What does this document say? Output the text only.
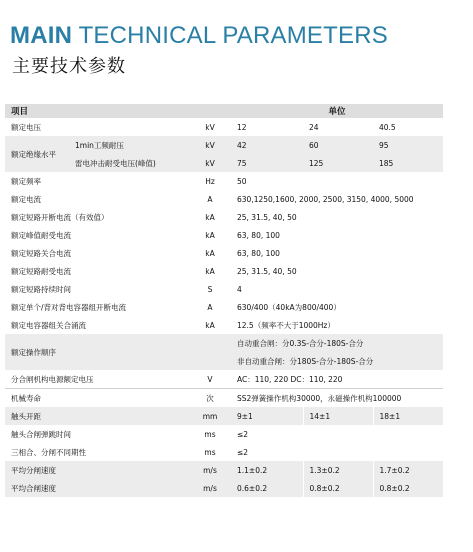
MAIN TECHNICAL PARAMETERS
主要技术参数
项目			单位		
额定电压		kV	12	24	40.5
额定绝缘水平	1min工频耐压	kV	42	60	95
	雷电冲击耐受电压(峰值)	kV	75	125	185
额定频率		Hz	50		
额定电流		A	630,1250,1600, 2000, 2500, 3150, 4000, 5000		
额定短路开断电流（有效值）		kA	25, 31.5, 40, 50		
额定峰值耐受电流		kA	63, 80, 100		
额定短路关合电流		kA	63, 80, 100		
额定短路耐受电流		kA	25, 31.5, 40, 50		
额定短路持续时间		S	4		
额定单个/背对背电容器组开断电流		A	630/400（40kA为800/400）		
额定电容器组关合涌流		kA	12.5（频率不大于1000Hz）		
额定操作顺序			自动重合闸：分0.3S-合分-180S-合分		
			非自动重合闸：分180S-合分-180S-合分		
分合闸机构电源额定电压		V	AC：110, 220 DC：110, 220		
机械寿命		次	SS2弹簧操作机构30000，永磁操作机构100000		
触头开距		mm	9±1	14±1	18±1
触头合闸弹跳时间		ms	≤2		
三相合、分闸不同期性		ms	≤2		
平均分闸速度		m/s	1.1±0.2	1.3±0.2	1.7±0.2
平均合闸速度		m/s	0.6±0.2	0.8±0.2	0.8±0.2
